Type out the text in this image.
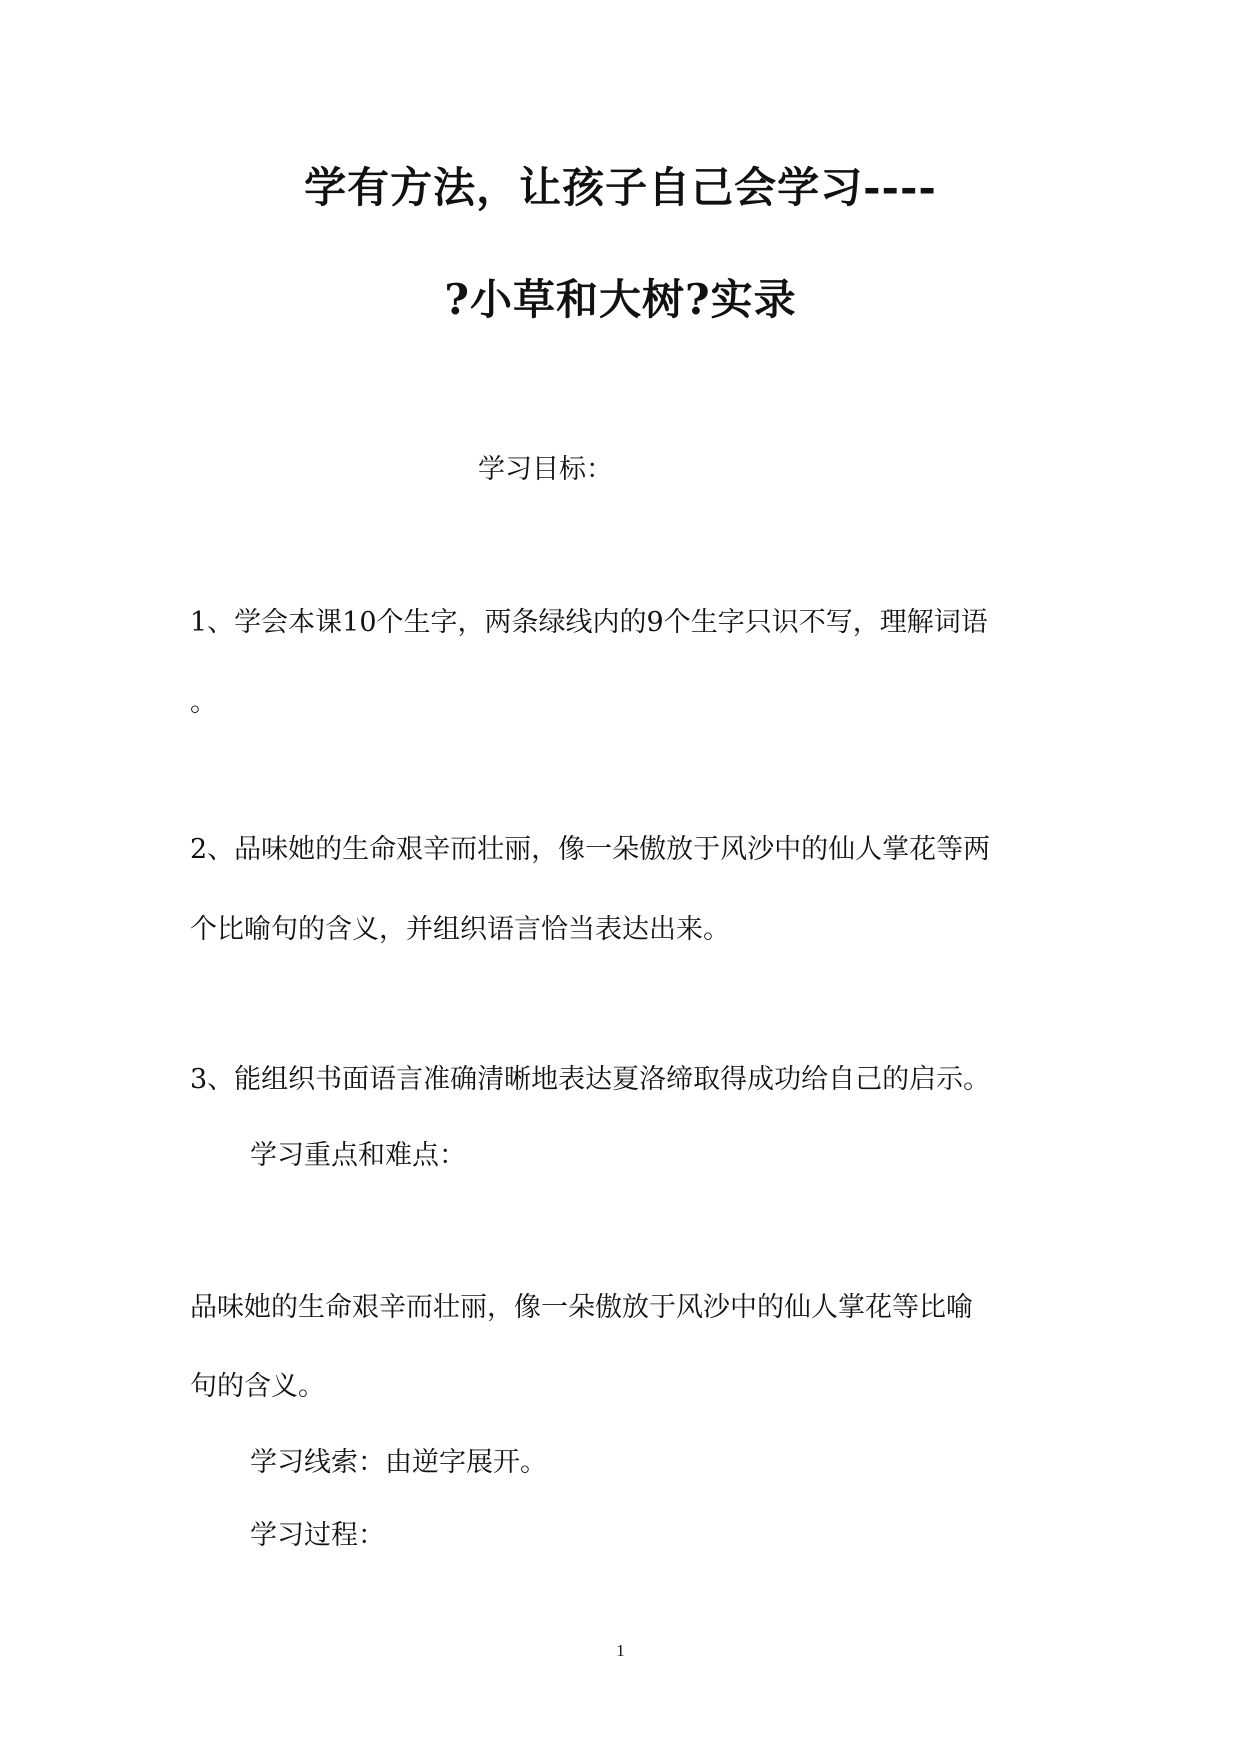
学有方法，让孩子自己会学习----
?小草和大树?实录
学习目标：
1、学会本课10个生字，两条绿线内的9个生字只识不写，理解词语
。
2、品味她的生命艰辛而壮丽，像一朵傲放于风沙中的仙人掌花等两
个比喻句的含义，并组织语言恰当表达出来。
3、能组织书面语言准确清晰地表达夏洛缔取得成功给自己的启示。
学习重点和难点：
品味她的生命艰辛而壮丽，像一朵傲放于风沙中的仙人掌花等比喻
句的含义。
学习线索：由逆字展开。
学习过程：
1
